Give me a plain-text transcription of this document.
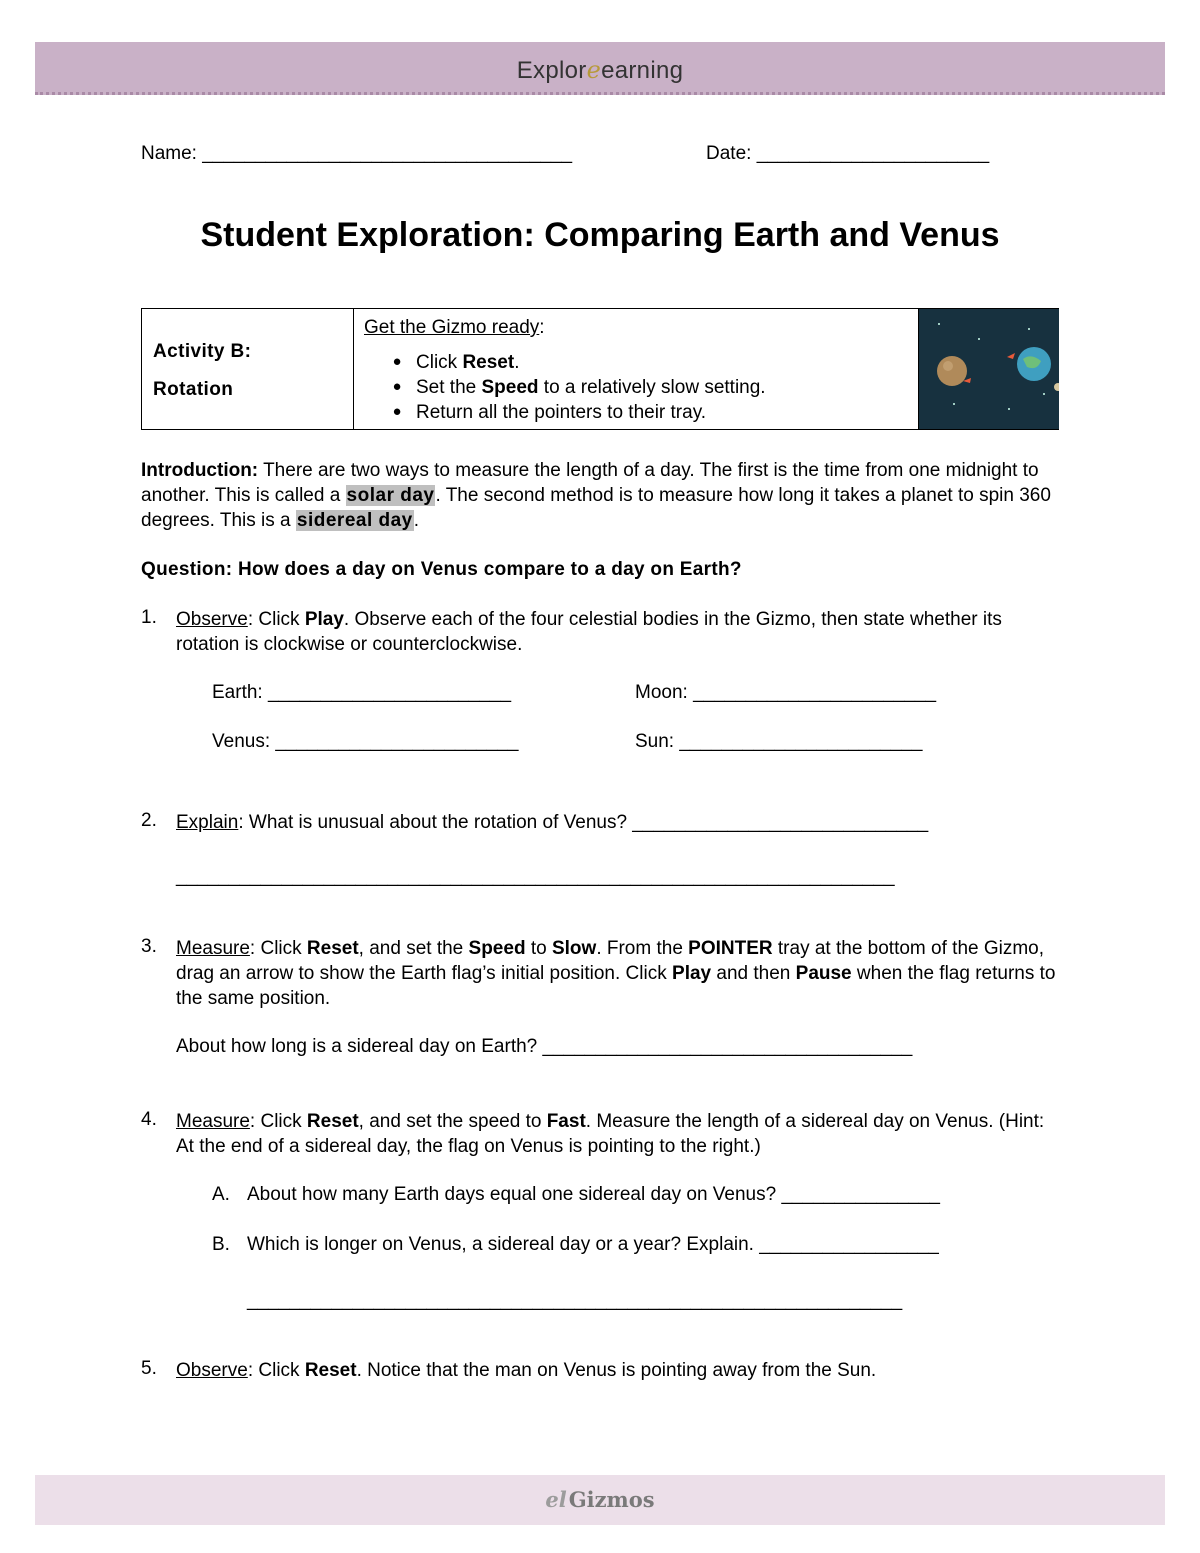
Exploreearning
Name: ___________________________________	Date: ______________________
Student Exploration: Comparing Earth and Venus
Activity B:
Rotation
Get the Gizmo ready:
● Click Reset.
● Set the Speed to a relatively slow setting.
● Return all the pointers to their tray.
Introduction: There are two ways to measure the length of a day. The first is the time from one midnight to another. This is called a solar day. The second method is to measure how long it takes a planet to spin 360 degrees. This is a sidereal day.
Question: How does a day on Venus compare to a day on Earth?
1. Observe: Click Play. Observe each of the four celestial bodies in the Gizmo, then state whether its rotation is clockwise or counterclockwise.
Earth: _______________________	Moon: _______________________
Venus: _______________________	Sun: _______________________
2. Explain: What is unusual about the rotation of Venus? ____________________________
____________________________________________________________________
3. Measure: Click Reset, and set the Speed to Slow. From the POINTER tray at the bottom of the Gizmo, drag an arrow to show the Earth flag’s initial position. Click Play and then Pause when the flag returns to the same position.
About how long is a sidereal day on Earth? ___________________________________
4. Measure: Click Reset, and set the speed to Fast. Measure the length of a sidereal day on Venus. (Hint: At the end of a sidereal day, the flag on Venus is pointing to the right.)
A. About how many Earth days equal one sidereal day on Venus? _______________
B. Which is longer on Venus, a sidereal day or a year? Explain. _________________
______________________________________________________________
5. Observe: Click Reset. Notice that the man on Venus is pointing away from the Sun.
elGizmos
